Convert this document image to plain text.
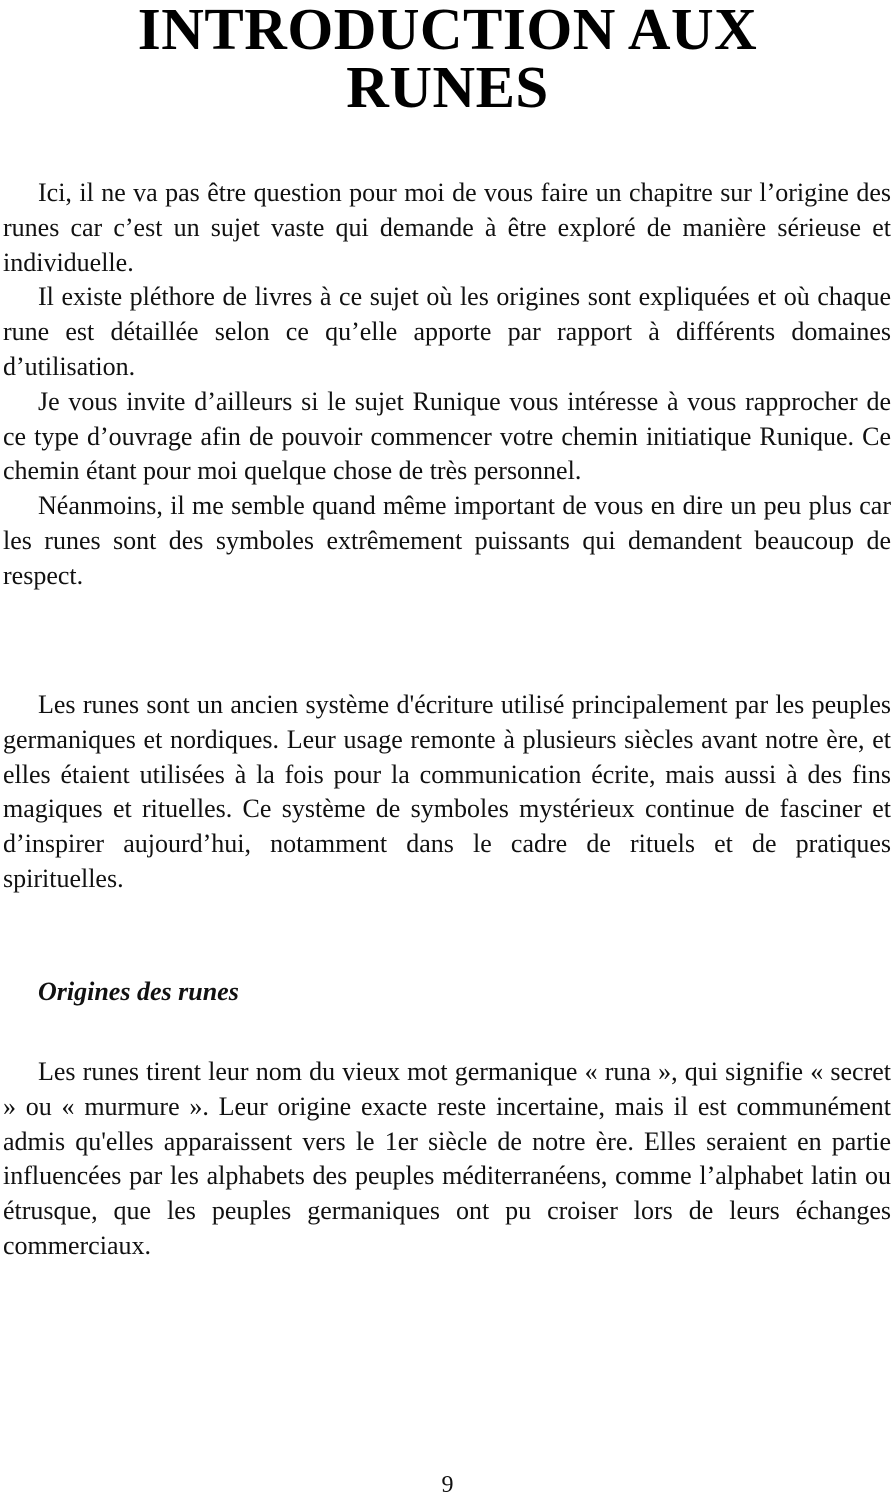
INTRODUCTION AUX
RUNES

Ici, il ne va pas être question pour moi de vous faire un chapitre sur l’origine des runes car c’est un sujet vaste qui demande à être exploré de manière sérieuse et individuelle.

Il existe pléthore de livres à ce sujet où les origines sont expliquées et où chaque rune est détaillée selon ce qu’elle apporte par rapport à différents domaines d’utilisation.

Je vous invite d’ailleurs si le sujet Runique vous intéresse à vous rapprocher de ce type d’ouvrage afin de pouvoir commencer votre chemin initiatique Runique. Ce chemin étant pour moi quelque chose de très personnel.

Néanmoins, il me semble quand même important de vous en dire un peu plus car les runes sont des symboles extrêmement puissants qui demandent beaucoup de respect.

Les runes sont un ancien système d'écriture utilisé principalement par les peuples germaniques et nordiques. Leur usage remonte à plusieurs siècles avant notre ère, et elles étaient utilisées à la fois pour la communication écrite, mais aussi à des fins magiques et rituelles. Ce système de symboles mystérieux continue de fasciner et d’inspirer aujourd’hui, notamment dans le cadre de rituels et de pratiques spirituelles.

Origines des runes

Les runes tirent leur nom du vieux mot germanique « runa », qui signifie « secret » ou « murmure ». Leur origine exacte reste incertaine, mais il est communément admis qu'elles apparaissent vers le 1er siècle de notre ère. Elles seraient en partie influencées par les alphabets des peuples méditerranéens, comme l’alphabet latin ou étrusque, que les peuples germaniques ont pu croiser lors de leurs échanges commerciaux.

9
